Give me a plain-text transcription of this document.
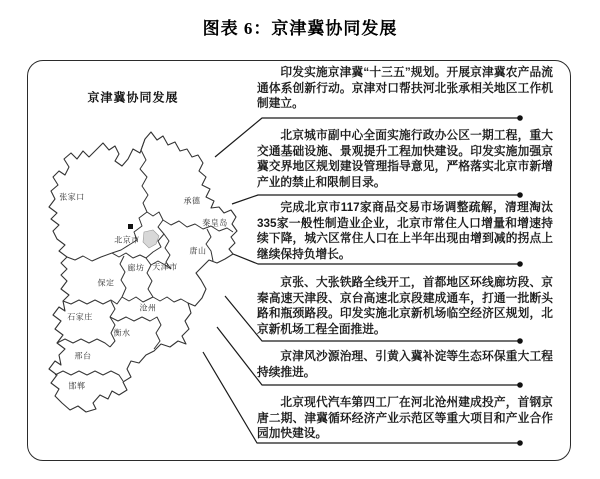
图表 6：京津冀协同发展
京津冀协同发展
张家口	承德
秦皇岛
北京市
唐山
廊坊 天津市
保定
沧州
石家庄
衡水
邢台
邯郸
印发实施京津冀“十三五”规划。开展京津冀农产品流通体系创新行动。京津对口帮扶河北张承相关地区工作机制建立。
北京城市副中心全面实施行政办公区一期工程，重大交通基础设施、景观提升工程加快建设。印发实施加强京冀交界地区规划建设管理指导意见，严格落实北京市新增产业的禁止和限制目录。
完成北京市117家商品交易市场调整疏解，清理淘汰335家一般性制造业企业，北京市常住人口增量和增速持续下降，城六区常住人口在上半年出现由增到减的拐点上继续保持负增长。
京张、大张铁路全线开工，首都地区环线廊坊段、京秦高速天津段、京台高速北京段建成通车，打通一批断头路和瓶颈路段。印发实施北京新机场临空经济区规划，北京新机场工程全面推进。
京津风沙源治理、引黄入冀补淀等生态环保重大工程持续推进。
北京现代汽车第四工厂在河北沧州建成投产，首钢京唐二期、津冀循环经济产业示范区等重大项目和产业合作园加快建设。
